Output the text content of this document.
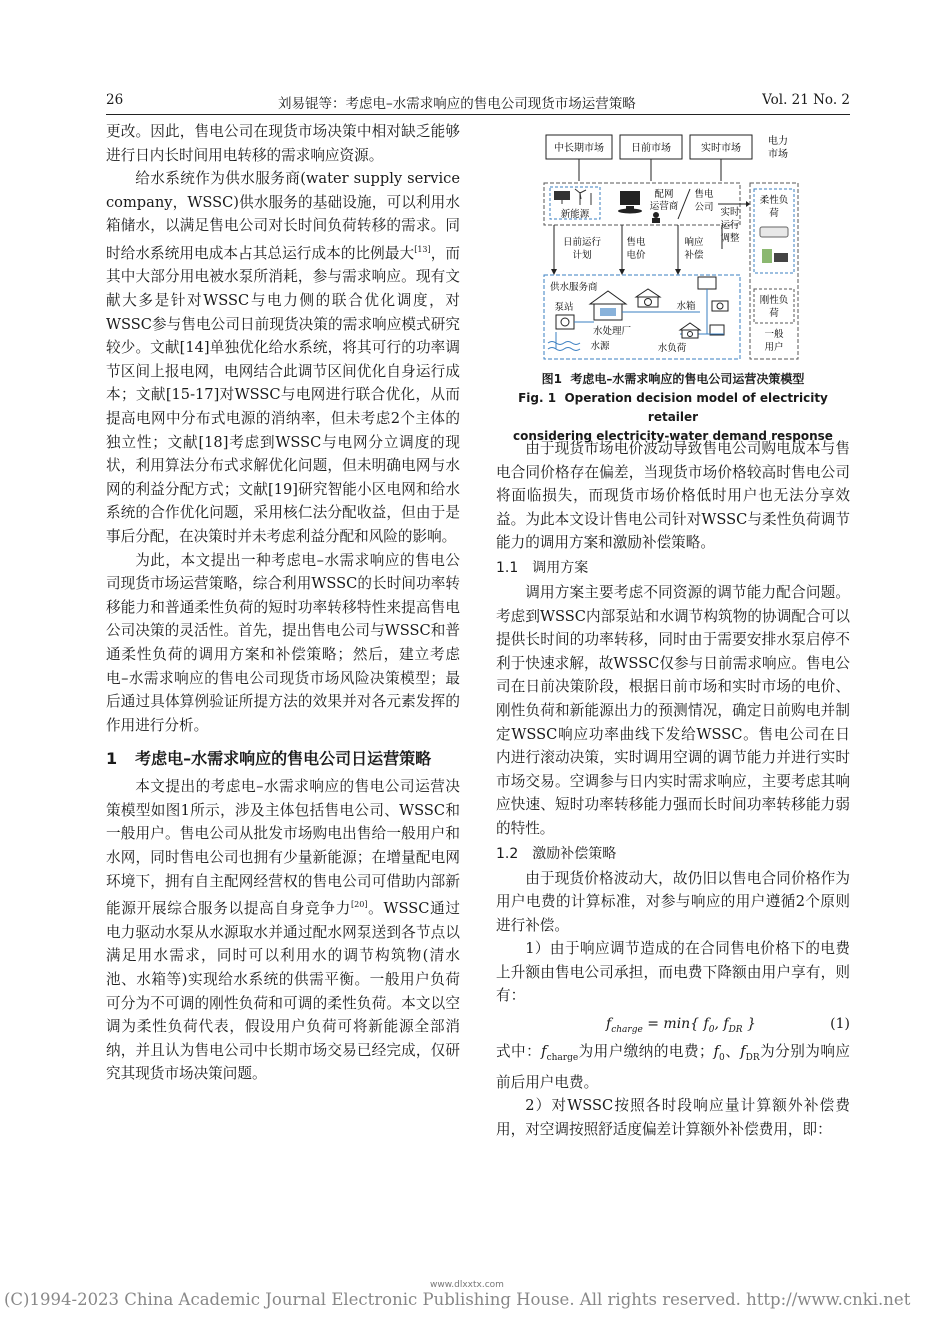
26	刘易锟等：考虑电–水需求响应的售电公司现货市场运营策略	Vol. 21 No. 2

更改。因此，售电公司在现货市场决策中相对缺乏能够进行日内长时间用电转移的需求响应资源。

给水系统作为供水服务商(water supply service company，WSSC)供水服务的基础设施，可以利用水箱储水，以满足售电公司对长时间负荷转移的需求。同时给水系统用电成本占其总运行成本的比例最大[13]，而其中大部分用电被水泵所消耗，参与需求响应。现有文献大多是针对WSSC与电力侧的联合优化调度，对WSSC参与售电公司日前现货决策的需求响应模式研究较少。文献[14]单独优化给水系统，将其可行的功率调节区间上报电网，电网结合此调节区间优化自身运行成本；文献[15-17]对WSSC与电网进行联合优化，从而提高电网中分布式电源的消纳率，但未考虑2个主体的独立性；文献[18]考虑到WSSC与电网分立调度的现状，利用算法分布式求解优化问题，但未明确电网与水网的利益分配方式；文献[19]研究智能小区电网和给水系统的合作优化问题，采用核仁法分配收益，但由于是事后分配，在决策时并未考虑利益分配和风险的影响。

为此，本文提出一种考虑电–水需求响应的售电公司现货市场运营策略，综合利用WSSC的长时间功率转移能力和普通柔性负荷的短时功率转移特性来提高售电公司决策的灵活性。首先，提出售电公司与WSSC和普通柔性负荷的调用方案和补偿策略；然后，建立考虑电–水需求响应的售电公司现货市场风险决策模型；最后通过具体算例验证所提方法的效果并对各元素发挥的作用进行分析。

1 考虑电–水需求响应的售电公司日运营策略

本文提出的考虑电–水需求响应的售电公司运营决策模型如图1所示，涉及主体包括售电公司、WSSC和一般用户。售电公司从批发市场购电出售给一般用户和水网，同时售电公司也拥有少量新能源；在增量配电网环境下，拥有自主配网经营权的售电公司可借助内部新能源开展综合服务以提高自身竞争力[20]。WSSC通过电力驱动水泵从水源取水并通过配水网泵送到各节点以满足用水需求，同时可以利用水的调节构筑物(清水池、水箱等)实现给水系统的供需平衡。一般用户负荷可分为不可调的刚性负荷和可调的柔性负荷。本文以空调为柔性负荷代表，假设用户负荷可将新能源全部消纳，并且认为售电公司中长期市场交易已经完成，仅研究其现货市场决策问题。

中长期市场	日前市场	实时市场
电力
市场
新能源
配网
运营商
售电
公司 实时
运行
调整
柔性负
荷
刚性负
荷
一般
用户
日前运行
计划
售电
电价
响应
补偿
供水服务商
泵站
水处理厂
水源
水箱
水负荷
图1 考虑电–水需求响应的售电公司运营决策模型
Fig. 1 Operation decision model of electricity retailer
considering electricity-water demand response

由于现货市场电价波动导致售电公司购电成本与售电合同价格存在偏差，当现货市场价格较高时售电公司将面临损失，而现货市场价格低时用户也无法分享效益。为此本文设计售电公司针对WSSC与柔性负荷调节能力的调用方案和激励补偿策略。

1.1 调用方案

调用方案主要考虑不同资源的调节能力配合问题。考虑到WSSC内部泵站和水调节构筑物的协调配合可以提供长时间的功率转移，同时由于需要安排水泵启停不利于快速求解，故WSSC仅参与日前需求响应。售电公司在日前决策阶段，根据日前市场和实时市场的电价、刚性负荷和新能源出力的预测情况，确定日前购电并制定WSSC响应功率曲线下发给WSSC。售电公司在日内进行滚动决策，实时调用空调的调节能力并进行实时市场交易。空调参与日内实时需求响应，主要考虑其响应快速、短时功率转移能力强而长时间功率转移能力弱的特性。

1.2 激励补偿策略

由于现货价格波动大，故仍旧以售电合同价格作为用户电费的计算标准，对参与响应的用户遵循2个原则进行补偿。

1）由于响应调节造成的在合同售电价格下的电费上升额由售电公司承担，而电费下降额由用户享有，则有：

$f_{charge} = \min${ $f_0$, $f_{DR}$ }	(1)

式中：$f_{charge}$为用户缴纳的电费；$f_0$、$f_{DR}$为分别为响应前后用户电费。

2）对WSSC按照各时段响应量计算额外补偿费用，对空调按照舒适度偏差计算额外补偿费用，即：

www.dlxxtx.com
(C)1994-2023 China Academic Journal Electronic Publishing House. All rights reserved. http://www.cnki.net
